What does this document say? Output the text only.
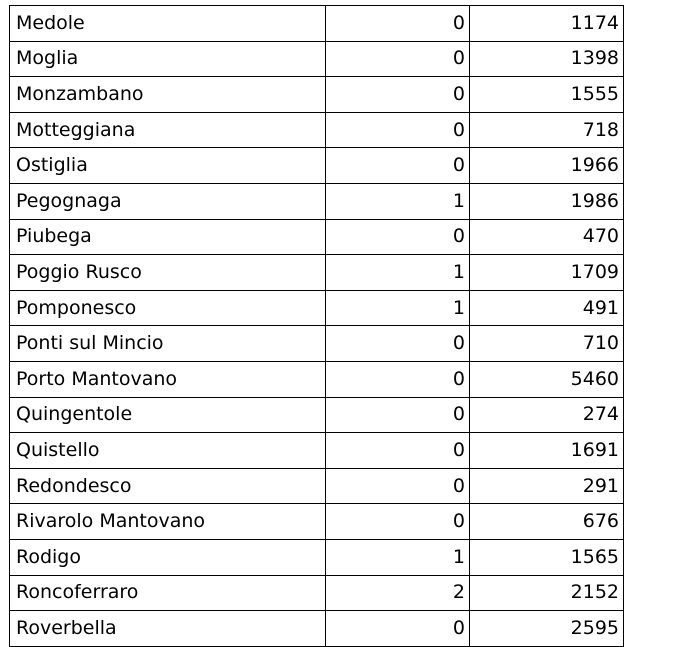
Medole	0	1174
Moglia	0	1398
Monzambano	0	1555
Motteggiana	0	718
Ostiglia	0	1966
Pegognaga	1	1986
Piubega	0	470
Poggio Rusco	1	1709
Pomponesco	1	491
Ponti sul Mincio	0	710
Porto Mantovano	0	5460
Quingentole	0	274
Quistello	0	1691
Redondesco	0	291
Rivarolo Mantovano	0	676
Rodigo	1	1565
Roncoferraro	2	2152
Roverbella	0	2595
